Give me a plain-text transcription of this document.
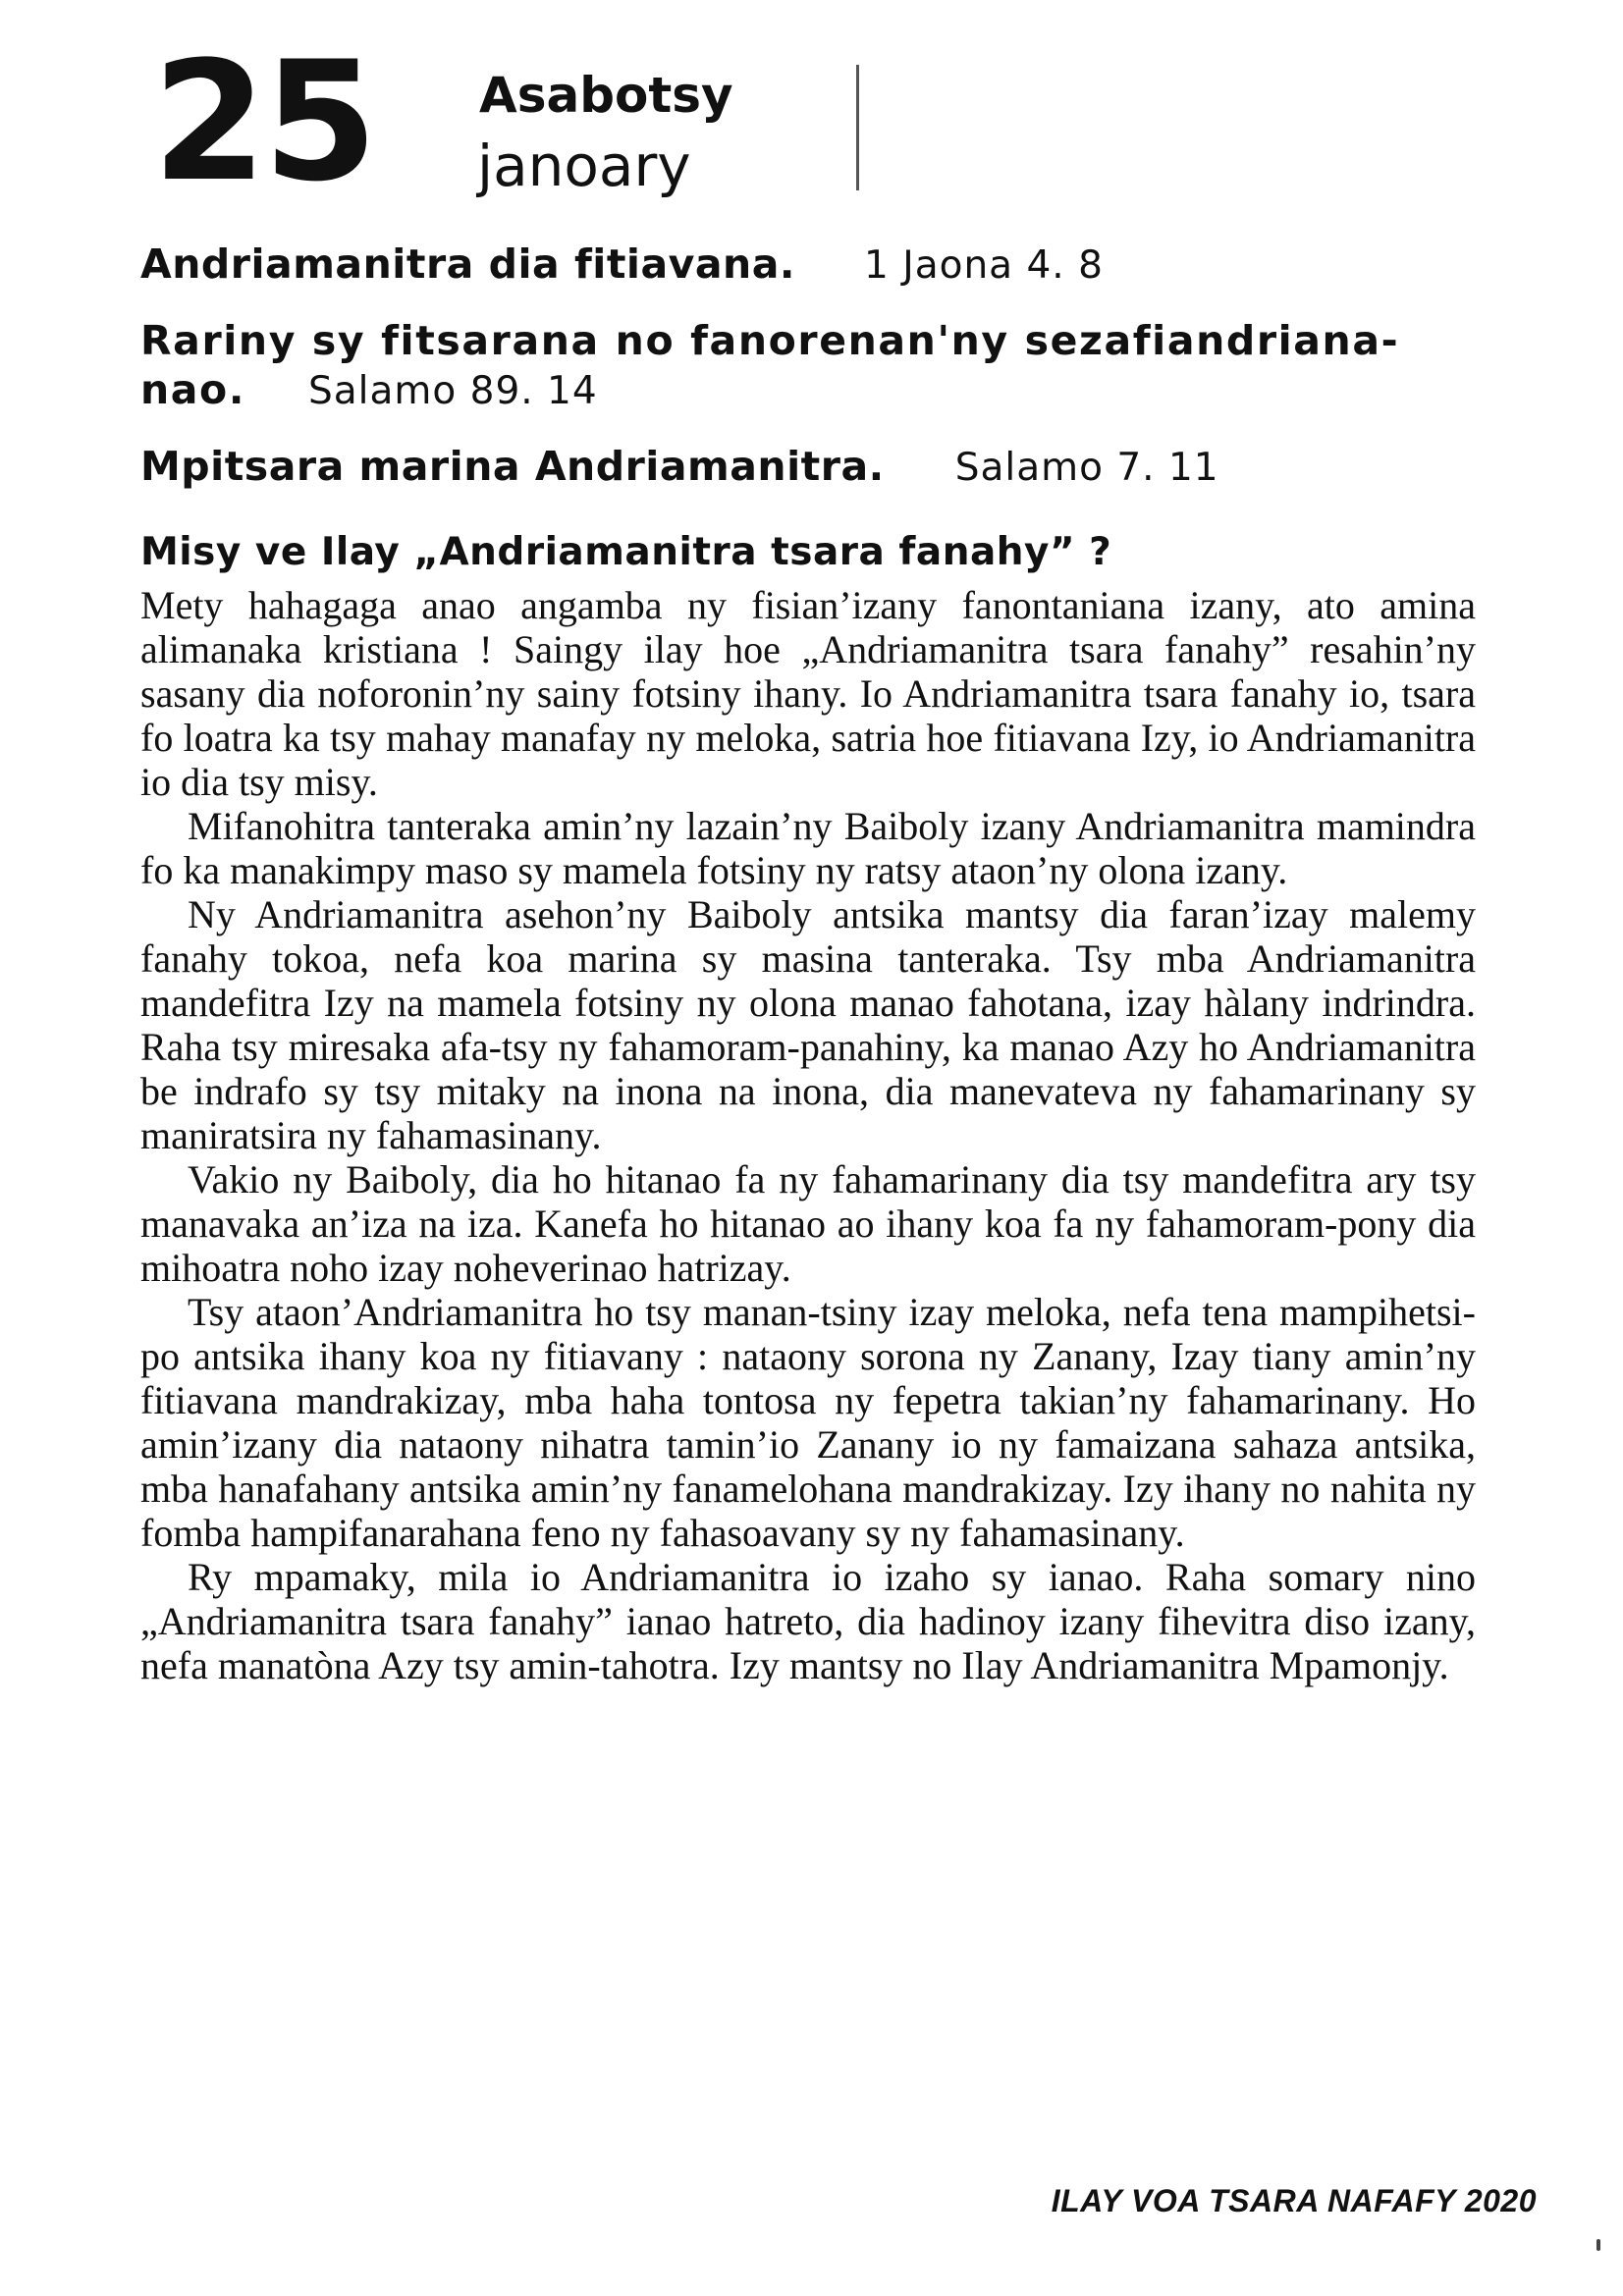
25 Asabotsy
janoary
Andriamanitra dia fitiavana. 1 Jaona 4. 8
Rariny sy fitsarana no fanorenan'ny sezafiandriana-nao. Salamo 89. 14
Mpitsara marina Andriamanitra. Salamo 7. 11
Misy ve Ilay „Andriamanitra tsara fanahy” ?

Mety hahagaga anao angamba ny fisian’izany fanontaniana izany, ato amina alimanaka kristiana ! Saingy ilay hoe „Andriamanitra tsara fanahy” resahin’ny sasany dia noforonin’ny sainy fotsiny ihany. Io Andriamanitra tsara fanahy io, tsara fo loatra ka tsy mahay manafay ny meloka, satria hoe fitiavana Izy, io Andriamanitra io dia tsy misy.

Mifanohitra tanteraka amin’ny lazain’ny Baiboly izany Andriamanitra mamindra fo ka manakimpy maso sy mamela fotsiny ny ratsy ataon’ny olona izany.

Ny Andriamanitra asehon’ny Baiboly antsika mantsy dia faran’izay malemy fanahy tokoa, nefa koa marina sy masina tanteraka. Tsy mba Andriamanitra mandefitra Izy na mamela fotsiny ny olona manao fahotana, izay hàlany indrindra. Raha tsy miresaka afa-tsy ny fahamoram-panahiny, ka manao Azy ho Andriamanitra be indrafo sy tsy mitaky na inona na inona, dia manevateva ny fahamarinany sy maniratsira ny fahamasinany.

Vakio ny Baiboly, dia ho hitanao fa ny fahamarinany dia tsy mandefitra ary tsy manavaka an’iza na iza. Kanefa ho hitanao ao ihany koa fa ny fahamoram-pony dia mihoatra noho izay noheverinao hatrizay.

Tsy ataon’Andriamanitra ho tsy manan-tsiny izay meloka, nefa tena mampihetsi-po antsika ihany koa ny fitiavany : nataony sorona ny Zanany, Izay tiany amin’ny fitiavana mandrakizay, mba haha tontosa ny fepetra takian’ny fahamarinany. Ho amin’izany dia nataony nihatra tamin’io Zanany io ny famaizana sahaza antsika, mba hanafahany antsika amin’ny fanamelohana mandrakizay. Izy ihany no nahita ny fomba hampifanarahana feno ny fahasoavany sy ny fahamasinany.

Ry mpamaky, mila io Andriamanitra io izaho sy ianao. Raha somary nino „Andriamanitra tsara fanahy” ianao hatreto, dia hadinoy izany fihevitra diso izany, nefa manatòna Azy tsy amin-tahotra. Izy mantsy no Ilay Andriamanitra Mpamonjy.

ILAY VOA TSARA NAFAFY 2020
